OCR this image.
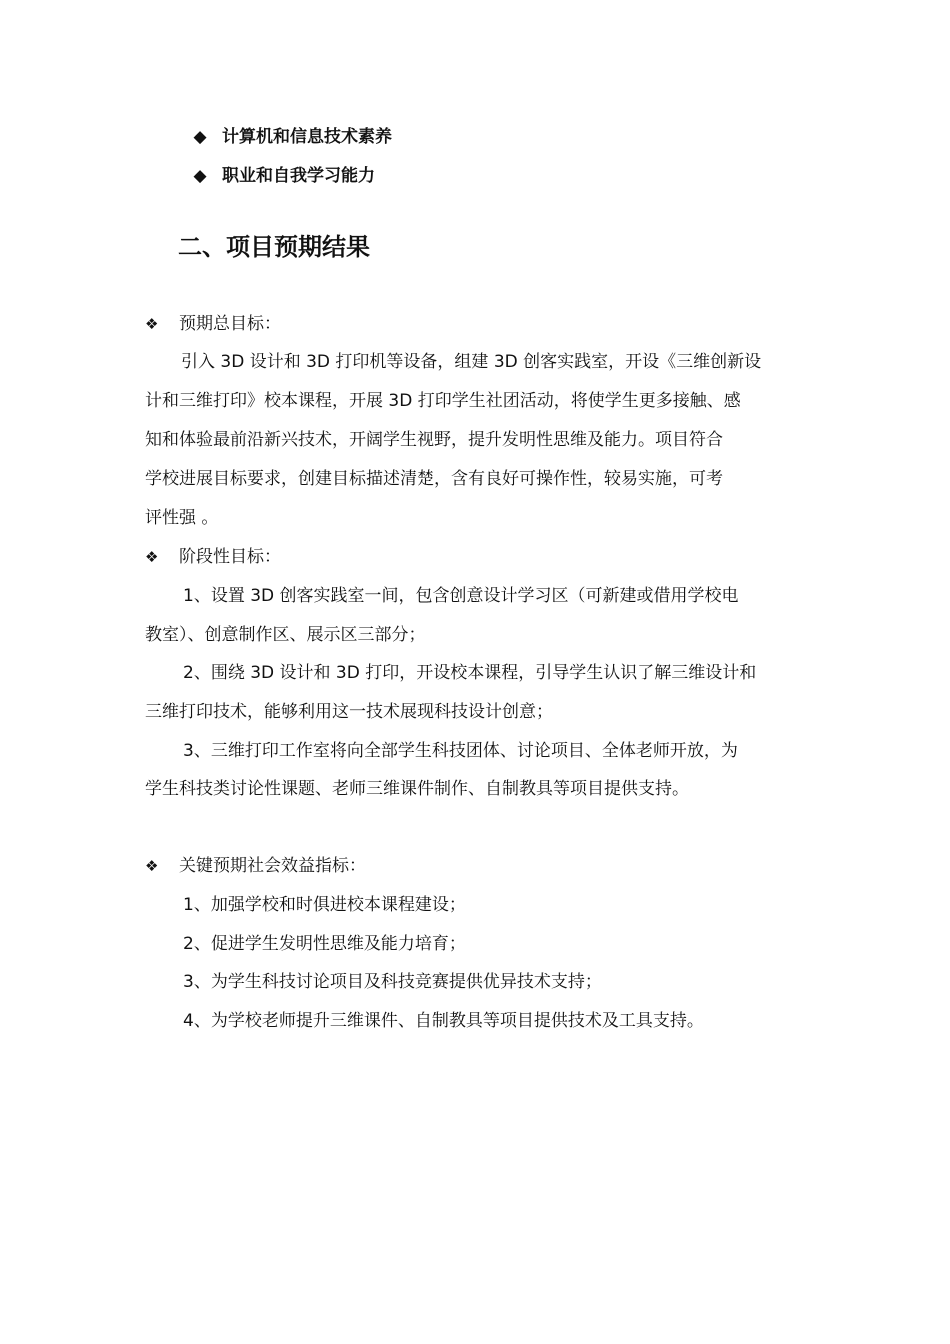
◆ 计算机和信息技术素养
◆ 职业和自我学习能力
二、项目预期结果
❖ 预期总目标：
引入 3D 设计和 3D 打印机等设备，组建 3D 创客实践室，开设《三维创新设
计和三维打印》校本课程，开展 3D 打印学生社团活动，将使学生更多接触、感
知和体验最前沿新兴技术，开阔学生视野，提升发明性思维及能力。项目符合
学校进展目标要求，创建目标描述清楚，含有良好可操作性，较易实施，可考
评性强 。
❖ 阶段性目标：
1、设置 3D 创客实践室一间，包含创意设计学习区（可新建或借用学校电
教室）、创意制作区、展示区三部分；
2、围绕 3D 设计和 3D 打印，开设校本课程，引导学生认识了解三维设计和
三维打印技术，能够利用这一技术展现科技设计创意；
3、三维打印工作室将向全部学生科技团体、讨论项目、全体老师开放，为
学生科技类讨论性课题、老师三维课件制作、自制教具等项目提供支持。
❖ 关键预期社会效益指标：
1、加强学校和时俱进校本课程建设；
2、促进学生发明性思维及能力培育；
3、为学生科技讨论项目及科技竞赛提供优异技术支持；
4、为学校老师提升三维课件、自制教具等项目提供技术及工具支持。
